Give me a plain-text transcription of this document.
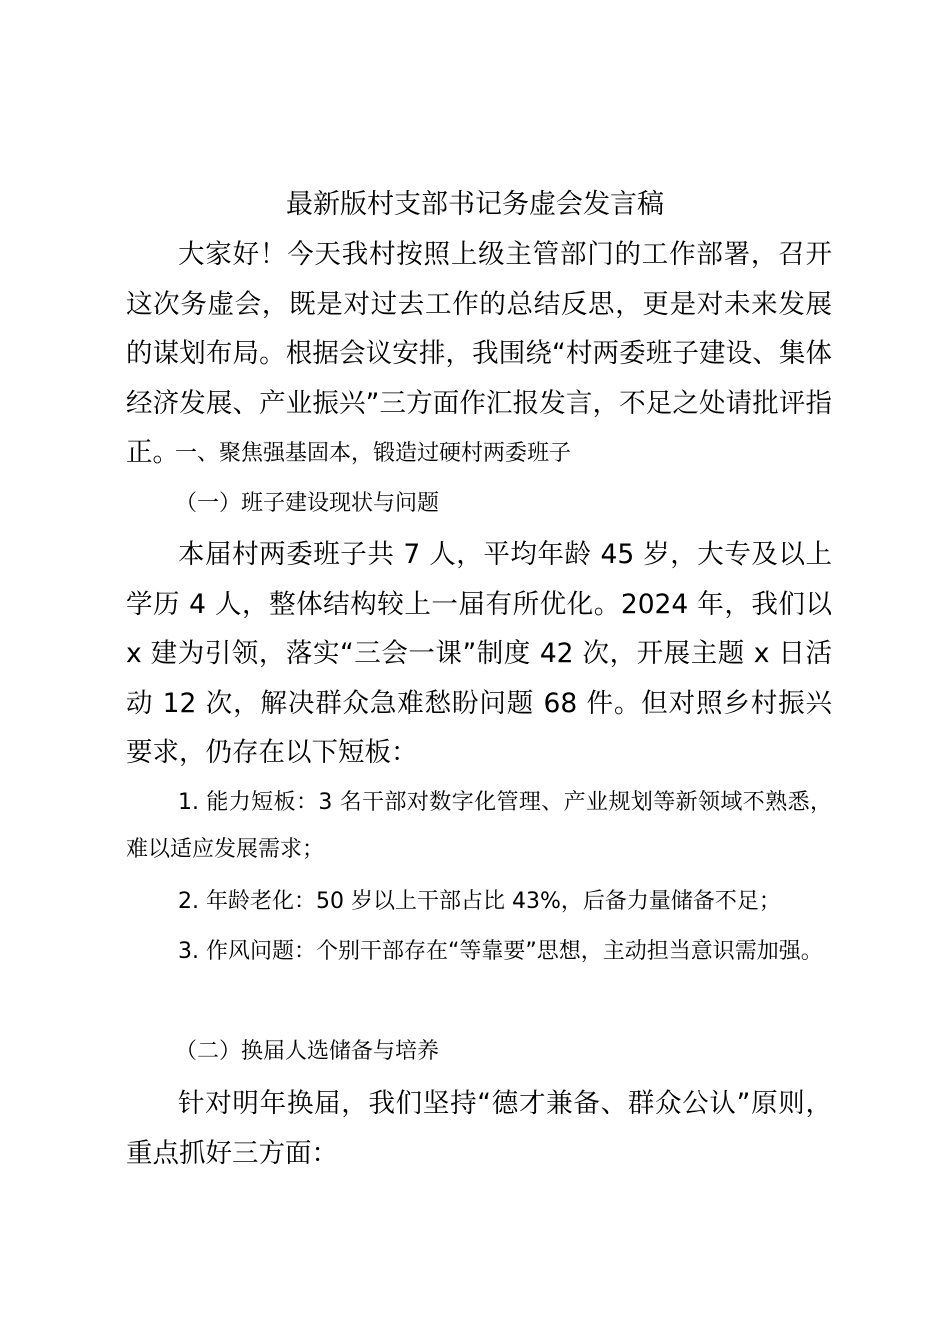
最新版村支部书记务虚会发言稿

大家好！今天我村按照上级主管部门的工作部署，召开这次务虚会，既是对过去工作的总结反思，更是对未来发展的谋划布局。根据会议安排，我围绕“村两委班子建设、集体经济发展、产业振兴”三方面作汇报发言，不足之处请批评指正。

一、聚焦强基固本，锻造过硬村两委班子
（一）班子建设现状与问题

本届村两委班子共 7 人，平均年龄 45 岁，大专及以上学历 4 人，整体结构较上一届有所优化。2024 年，我们以 x 建为引领，落实“三会一课”制度 42 次，开展主题 x 日活动 12 次，解决群众急难愁盼问题 68 件。但对照乡村振兴要求，仍存在以下短板：

1. 能力短板：3 名干部对数字化管理、产业规划等新领域不熟悉，难以适应发展需求；

2. 年龄老化：50 岁以上干部占比 43%，后备力量储备不足；

3. 作风问题：个别干部存在“等靠要”思想，主动担当意识需加强。

（二）换届人选储备与培养

针对明年换届，我们坚持“德才兼备、群众公认”原则，重点抓好三方面：
